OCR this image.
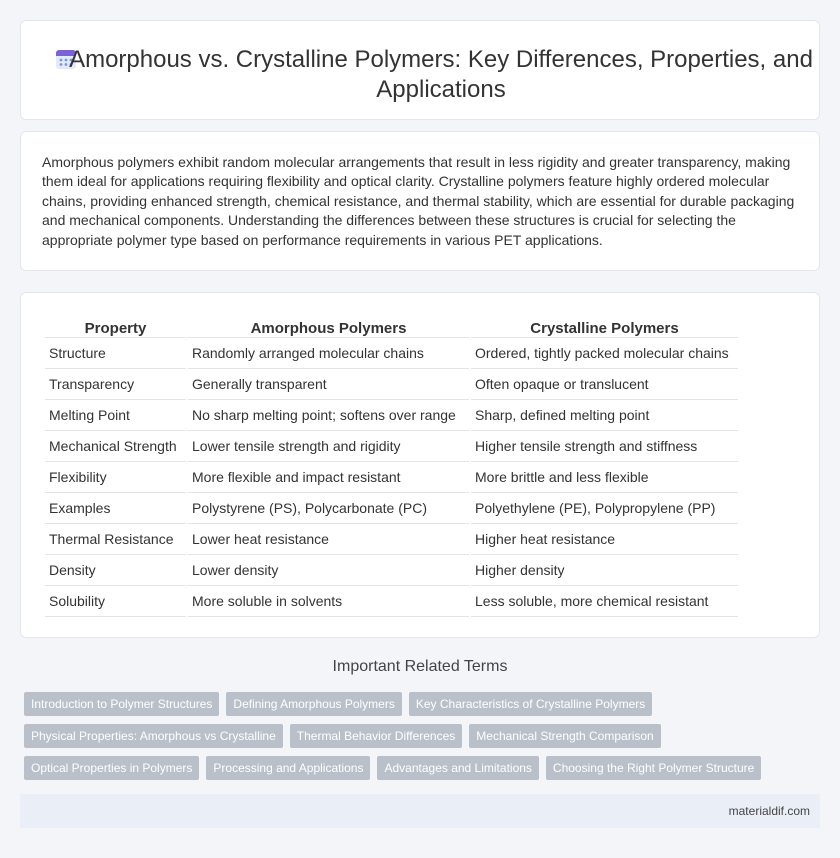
Amorphous vs. Crystalline Polymers: Key Differences, Properties, and Applications

Amorphous polymers exhibit random molecular arrangements that result in less rigidity and greater transparency, making them ideal for applications requiring flexibility and optical clarity. Crystalline polymers feature highly ordered molecular chains, providing enhanced strength, chemical resistance, and thermal stability, which are essential for durable packaging and mechanical components. Understanding the differences between these structures is crucial for selecting the appropriate polymer type based on performance requirements in various PET applications.

Property	Amorphous Polymers	Crystalline Polymers
Structure	Randomly arranged molecular chains	Ordered, tightly packed molecular chains
Transparency	Generally transparent	Often opaque or translucent
Melting Point	No sharp melting point; softens over range	Sharp, defined melting point
Mechanical Strength	Lower tensile strength and rigidity	Higher tensile strength and stiffness
Flexibility	More flexible and impact resistant	More brittle and less flexible
Examples	Polystyrene (PS), Polycarbonate (PC)	Polyethylene (PE), Polypropylene (PP)
Thermal Resistance	Lower heat resistance	Higher heat resistance
Density	Lower density	Higher density
Solubility	More soluble in solvents	Less soluble, more chemical resistant
Important Related Terms
Introduction to Polymer Structures	Defining Amorphous Polymers	Key Characteristics of Crystalline Polymers
Physical Properties: Amorphous vs Crystalline	Thermal Behavior Differences	Mechanical Strength Comparison
Optical Properties in Polymers	Processing and Applications	Advantages and Limitations	Choosing the Right Polymer Structure
materialdif.com
